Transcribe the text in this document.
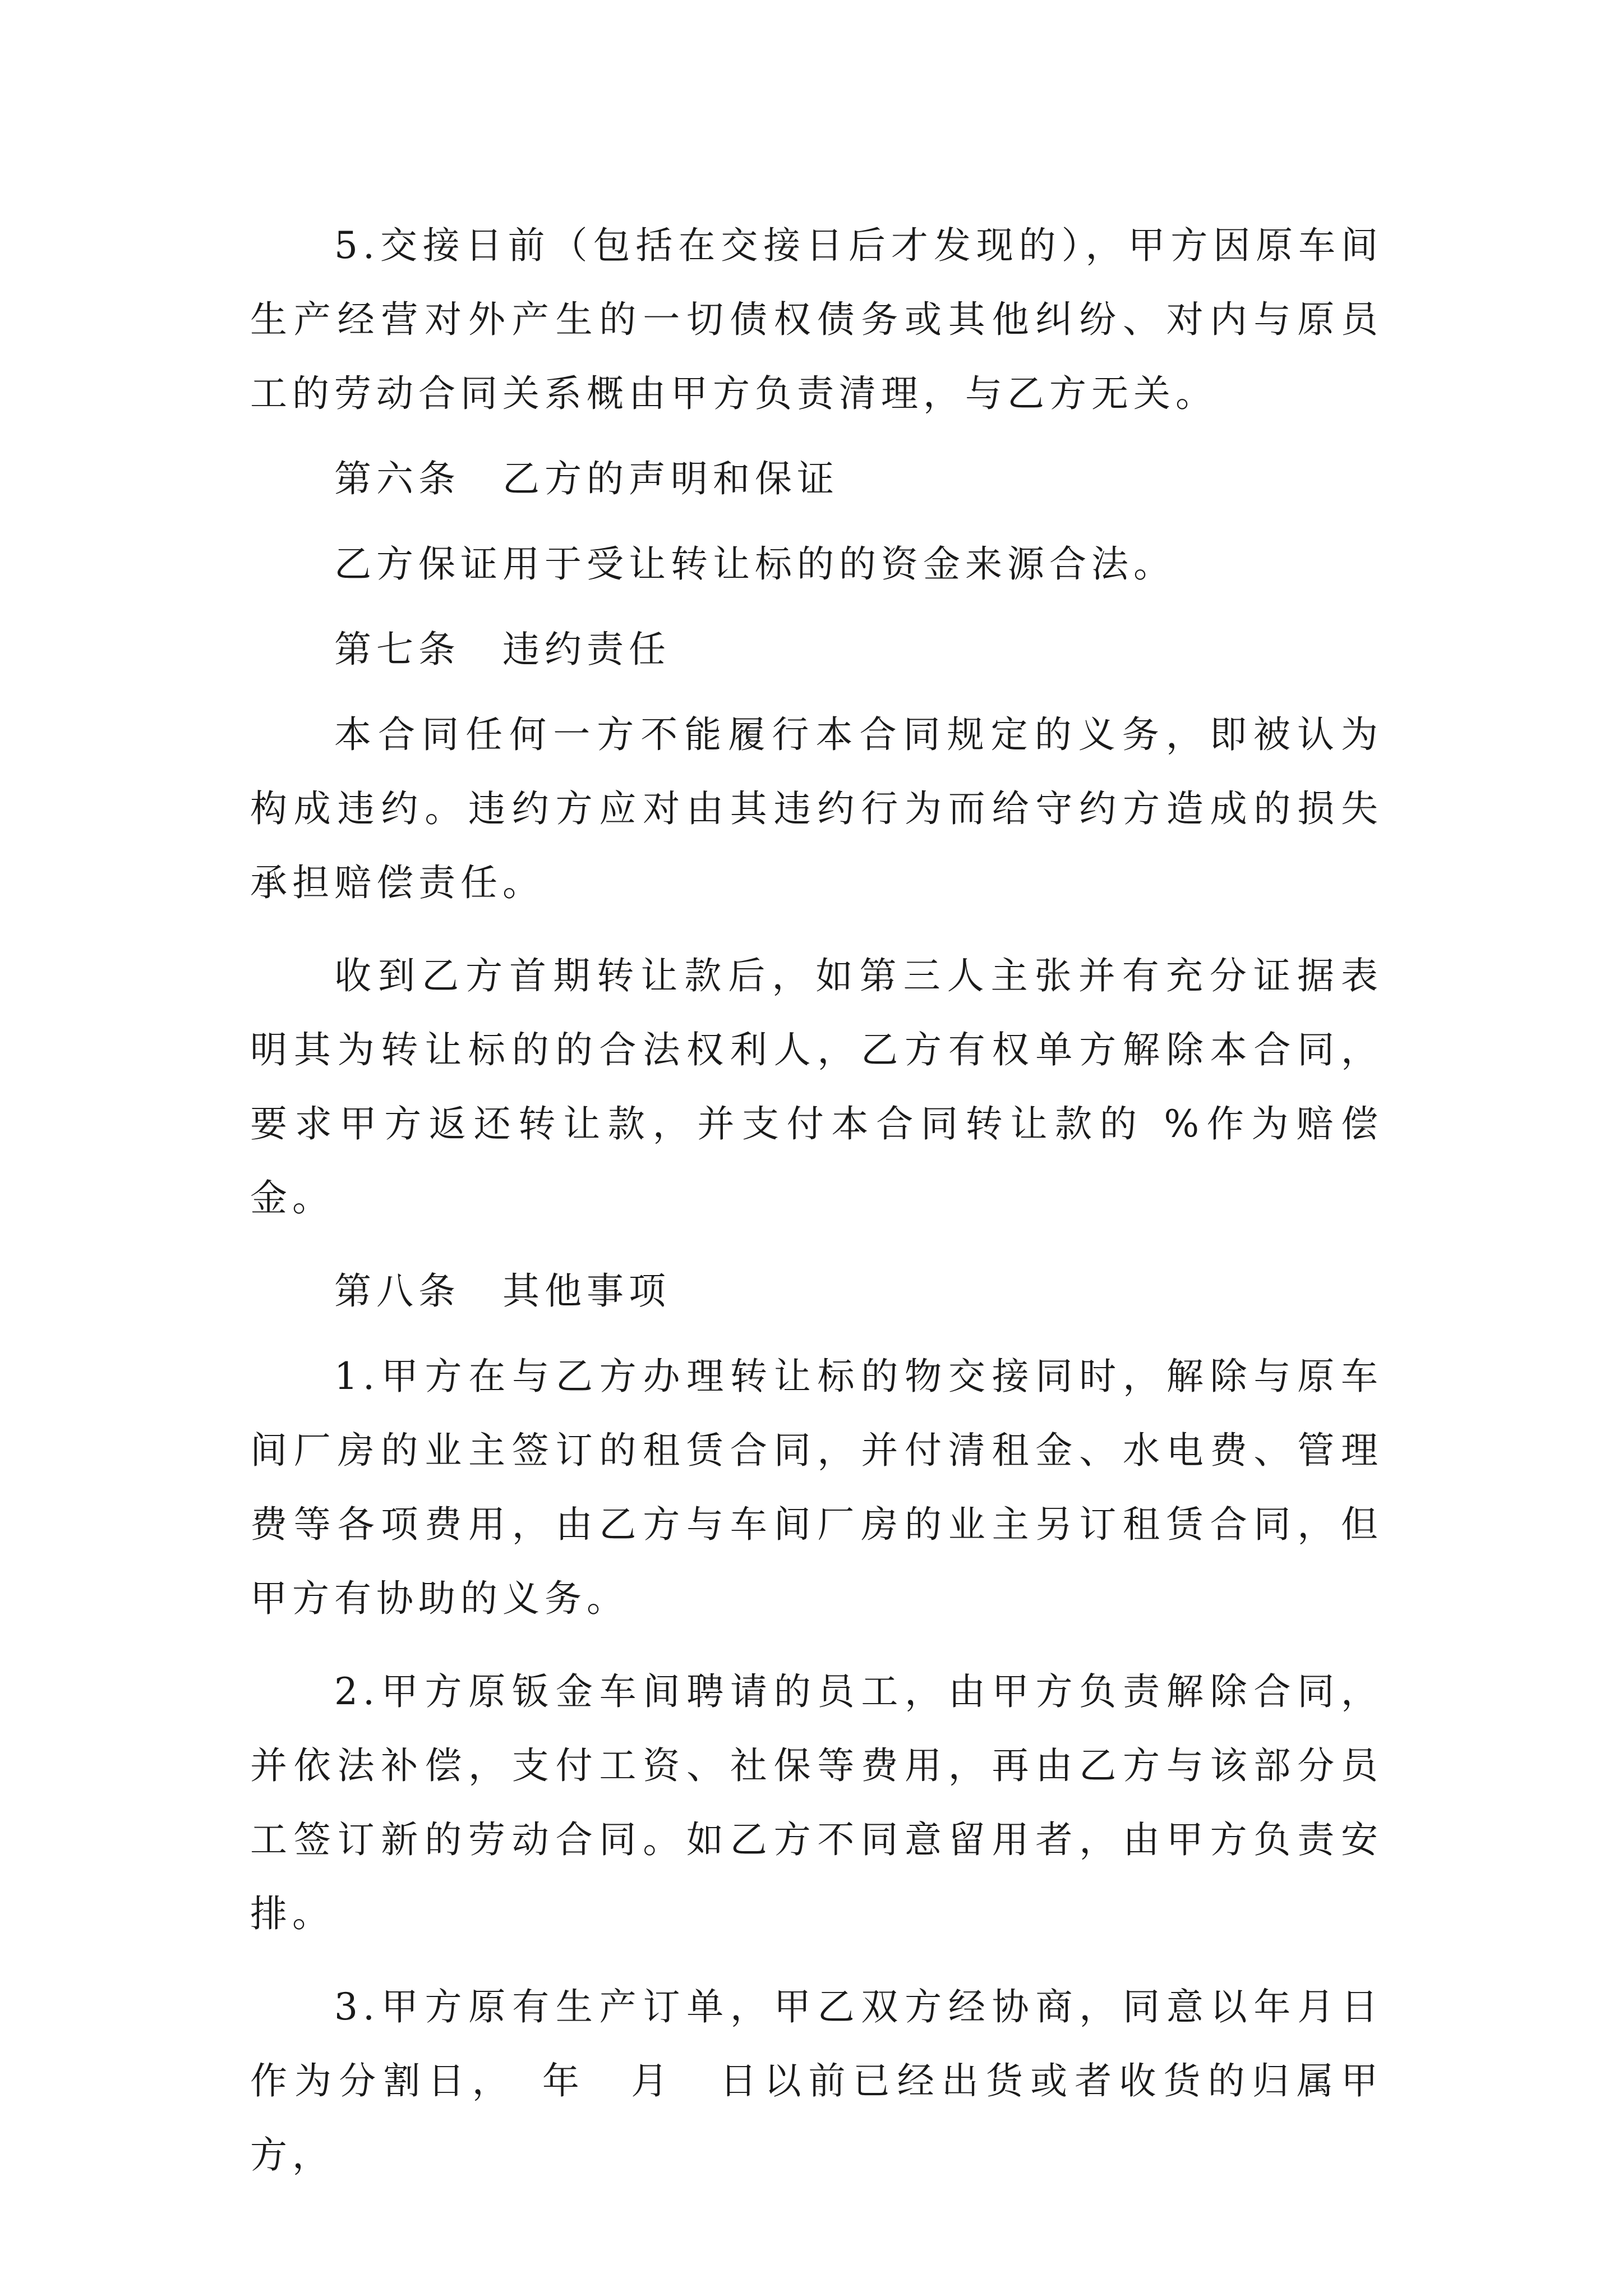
5.交接日前（包括在交接日后才发现的），甲方因原车间生产经营对外产生的一切债权债务或其他纠纷、对内与原员工的劳动合同关系概由甲方负责清理，与乙方无关。

第六条　乙方的声明和保证

乙方保证用于受让转让标的的资金来源合法。

第七条　违约责任

本合同任何一方不能履行本合同规定的义务，即被认为构成违约。违约方应对由其违约行为而给守约方造成的损失承担赔偿责任。

收到乙方首期转让款后，如第三人主张并有充分证据表明其为转让标的的合法权利人，乙方有权单方解除本合同，要求甲方返还转让款，并支付本合同转让款的 %作为赔偿金。

第八条　其他事项

1.甲方在与乙方办理转让标的物交接同时，解除与原车间厂房的业主签订的租赁合同，并付清租金、水电费、管理费等各项费用，由乙方与车间厂房的业主另订租赁合同，但甲方有协助的义务。

2.甲方原钣金车间聘请的员工，由甲方负责解除合同，并依法补偿，支付工资、社保等费用，再由乙方与该部分员工签订新的劳动合同。如乙方不同意留用者，由甲方负责安排。

3.甲方原有生产订单，甲乙双方经协商，同意以年月日作为分割日，　年　月　日以前已经出货或者收货的归属甲方，
